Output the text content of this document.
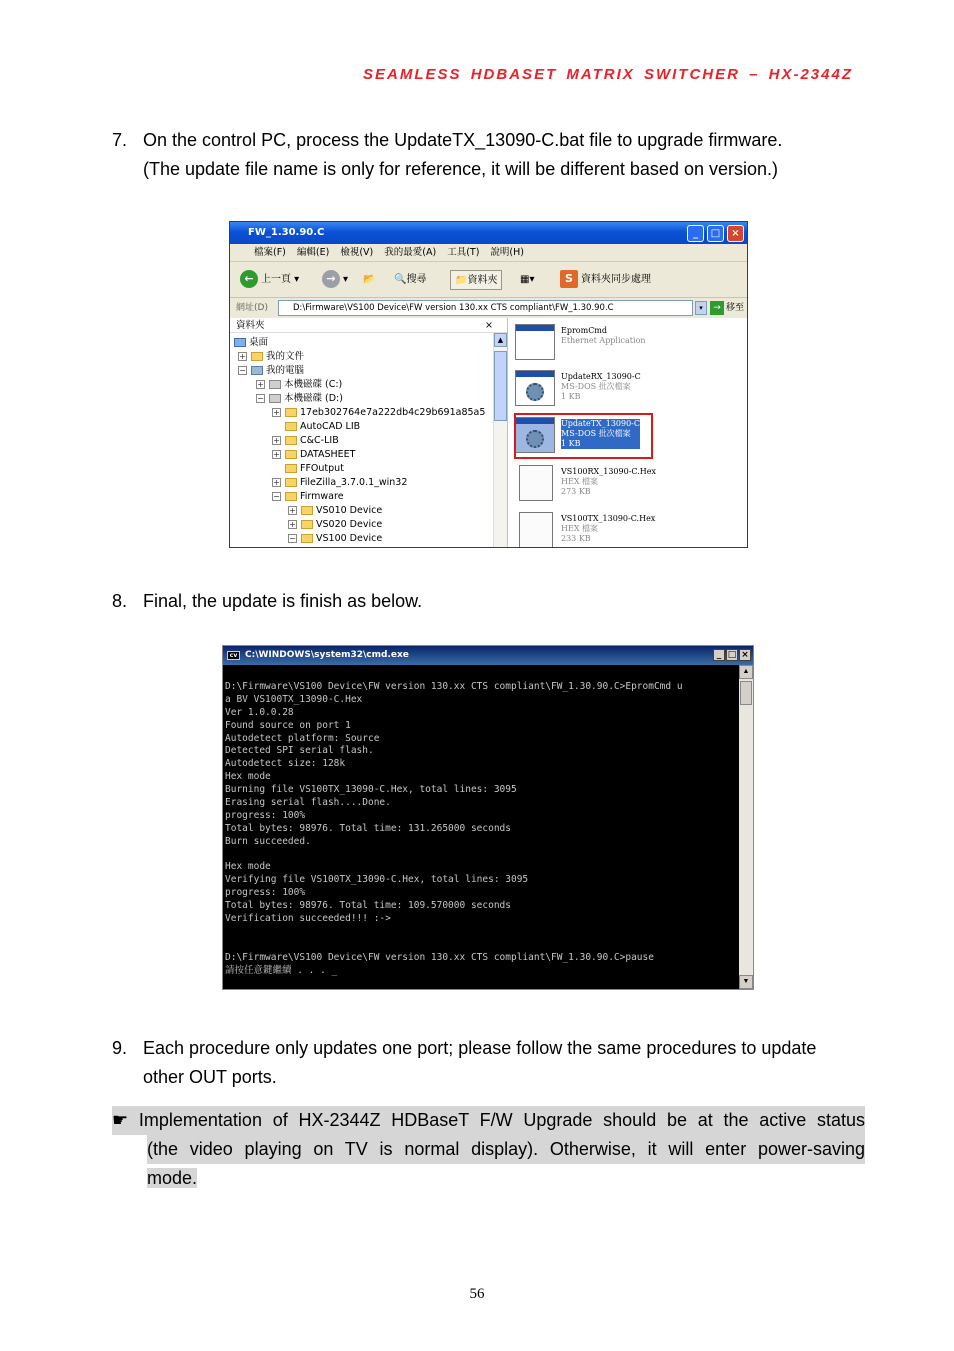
SEAMLESS HDBASET MATRIX SWITCHER – HX-2344Z
7. On the control PC, process the UpdateTX_13090-C.bat file to upgrade firmware.
(The update file name is only for reference, it will be different based on version.)
FW_1.30.90.C	_	□	×
檔案(F) 編輯(E) 檢視(V) 我的最愛(A) 工具(T) 說明(H)
← 上一頁 ▾	→ ▾ 📂 🔍搜尋	📁資料夾	▦▾	S 資料夾同步處理
網址(D)	D:\Firmware\VS100 Device\FW version 130.xx CTS compliant\FW_1.30.90.C	▾	→ 移至
資料夾	×
桌面
+ 我的文件
− 我的電腦
+ 本機磁碟 (C:)
− 本機磁碟 (D:)
+ 17eb302764e7a222db4c29b691a85a5
AutoCAD LIB
+ C&C-LIB
+ DATASHEET
FFOutput
+ FileZilla_3.7.0.1_win32
− Firmware
+ VS010 Device
+ VS020 Device
− VS100 Device
▲
EpromCmd
Ethernet Application
UpdateRX_13090-C
MS-DOS 批次檔案
1 KB
UpdateTX_13090-C
MS-DOS 批次檔案
1 KB
VS100RX_13090-C.Hex
HEX 檔案
273 KB
VS100TX_13090-C.Hex
HEX 檔案
233 KB
8. Final, the update is finish as below.
cv C:\WINDOWS\system32\cmd.exe	_ □ ×
D:\Firmware\VS100 Device\FW version 130.xx CTS compliant\FW_1.30.90.C>EpromCmd u
a BV VS100TX_13090-C.Hex
Ver 1.0.0.28
Found source on port 1
Autodetect platform: Source
Detected SPI serial flash.
Autodetect size: 128k
Hex mode
Burning file VS100TX_13090-C.Hex, total lines: 3095
Erasing serial flash....Done.
progress: 100%
Total bytes: 98976. Total time: 131.265000 seconds
Burn succeeded.
Hex mode
Verifying file VS100TX_13090-C.Hex, total lines: 3095
progress: 100%
Total bytes: 98976. Total time: 109.570000 seconds
Verification succeeded!!! :->
D:\Firmware\VS100 Device\FW version 130.xx CTS compliant\FW_1.30.90.C>pause
請按任意鍵繼續 . . . _
▲
▼
9. Each procedure only updates one port; please follow the same procedures to update
other OUT ports.
☛ Implementation of HX-2344Z HDBaseT F/W Upgrade should be at the active status
(the video playing on TV is normal display). Otherwise, it will enter power-saving
mode.
56
